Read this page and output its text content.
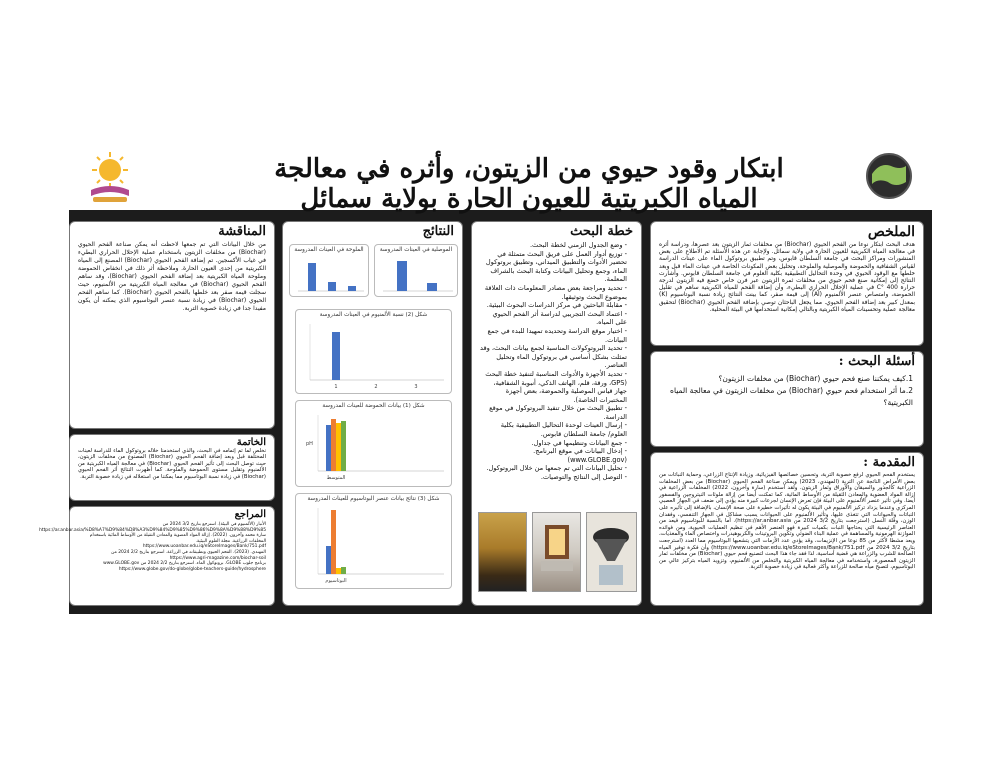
ابتكار وقود حيوي من الزيتون، وأثره في معالجة المياه الكبريتية للعيون الحارة بولاية سمائل
الملخص
هدف البحث ابتكار نوعا من الفحم الحيوي (Biochar) من مخلفات ثمار الزيتون بعد عصرها، ودراسة أثره في معالجة المياه الكبريتية للعيون الحارة في ولاية سمائل. ولإجابة عن هذه الأسئلة تم الاطلاع على بعض المنشورات ومراكز البحث في جامعة السلطان قابوس، وتم تطبيق بروتوكول الماء على عينات الدراسة لقياس الشفافية والحموضة والموصلية والملوحة، وتحليل بعض المكونات الخاصة في عينات الماء قبل وبعد خلطها مع الوقود الحيوي في وحدة التحاليل التطبيقية بكلية العلوم في جامعة السلطان قابوس. وأشارت النتائج إلى إمكانية صنع فحم حيوي من مخلفات ثمرة الزيتون عبر فرن خاص خضع فيه الزيتون لدرجة حرارة 400 °C في عملية الإحلال الحراري البطيء، وأن إضافة الفحم للمياه الكبريتية ساهم في تقليل الحموضة، وامتصاص عنصر الألمنيوم (Al) إلى قيمة صفر، كما بينت النتائج زيادة نسبة البوتاسيوم (K) بمعدل كبير بعد إضافة الفحم الحيوي. مما يجعل الباحثان توصي بإضافة الفحم الحيوي (Biochar) لتحقيق معالجة عملية وتحسينات المياه الكبريتية وبالتالي إمكانية استخدامها في البيئة المحلية.
أسئلة البحث :
1.كيف يمكننا صنع فحم حيوي (Biochar) من مخلفات الزيتون؟
2.ما أثر استخدام فحم حيوي (Biochar) من مخلفات الزيتون في معالجة المياه الكبريتية؟
المقدمة :
يستخدم الفحم الحيوي لرفع خصوبة التربة، وتحسين خصائصها الفيزيائية، وزيادة الإنتاج الزراعي، وحماية النباتات من بعض الأمراض الناتجة عن التربة (المهندي، 2023) ويمكن صناعة الفحم الحيوي (Biochar) من بعض المخلفات الزراعية كالجذور والسيقان والأوراق وثمار الزيتون. ولقد استخدم (سارة وآخرون، 2022) المخلفات الزراعية في إزالة المواد العضوية والمعادن الثقيلة من الأوساط المائية، كما تمكنت أيضا من إزالة ملوثات النيتروجين والفسفور أيضا. وفي تأثير عنصر الألمنيوم على البيئة فإن تعرض الإنسان لجرعات كبيرة منه يؤدي إلى ضعف في الجهاز العصبي المركزي وعندما يزداد تركيز الألمنيوم في البيئة يكون له تأثيرات خطيرة على صحة الإنسان، بالإضافة إلى تأثيره على النباتات والحيوانات التي تتغذى عليها، وتأثير الألمنيوم على الحيوانات يسبب مشاكل في الجهاز التنفسي، وفقدان الوزن، وقلة النسل (استرجعت بتاريخ 3/2 2024 من https://ar.anbar.asia). أما بالنسبة للبوتاسيوم فيعد من العناصر الرئيسية التي يحتاجها النبات بكميات كبيرة فهو العنصر الأهم في تنظيم العمليات الحيوية، ومن فوائده الموازنة الهرمونية والمساهمة في عملية البناء الضوئي وتكوين البروتينات والكربوهيدرات واختصاص الماء والمغذيات، ويعد مشطا لأكثر من 85 نوعا من الإنزيمات، وقد يؤدي عدد الأزمات التي يتشعبها البوتاسيوم مما العدد (استرجعت بتاريخ 3/2 2024 من https://www.uoanbar.edu.iq/eStoreImages/Bank/751.pdf) وأن فكرة توفير المياه الصالحة للشرب والزراعة هي قضية أساسية، لذا فقد جاء هذا البحث لتصنيع فحم حيوي (Biochar) من مخلفات ثمار الزيتون المعصورة، واستخدامه في معالجة المياه الكبريتية والتخلص من الألمنيوم، وتزويد المياه بتركيز عالي من البوتاسيوم، لتصبح مياه صالحة للزراعة وأكثر فعالية في زيادة خصوبة التربة.
خطة البحث
- وضع الجدول الزمني لخطة البحث.
- توزيع أدوار العمل على فريق البحث متمثلة في تحضير الأدوات والتطبيق الميداني، وتطبيق بروتوكول الماء، وجمع وتحليل البيانات وكتابة البحث بالشراف المعلمة.
- تحديد ومراجعة بعض مصادر المعلومات ذات العلاقة بموضوع البحث وتوثيقها.
- مقابلة الباحثين في مركز الدراسات البحوث البيئية.
- اعتماد البحث التجريبي لدراسة أثر الفحم الحيوي على المياه.
- اختيار موقع الدراسة وتحديده تمهيدا للبدء في جمع البيانات.
- تحديد البروتوكولات المناسبة لجمع بيانات البحث، وقد تمثلت بشكل أساسي في بروتوكول الماء وتحليل العناصر.
- تحديد الأجهزة والأدوات المناسبة لتنفيذ خطة البحث (GPS، ورقة، قلم، الهاتف الذكي، أنبوبة الشفافية، جهاز قياس الموصلية والحموضة، بعض أجهزة المختبرات الخاصة).
- تطبيق البحث من خلال تنفيذ البروتوكول في موقع الدراسة.
- إرسال العينات لوحدة التحاليل التطبيقية بكلية العلوم/ جامعة السلطان قابوس.
- جمع البيانات وتنظيمها في جداول.
- إدخال البيانات في موقع البرنامج. (www.GLOBE.gov)
- تحليل البيانات التي تم جمعها من خلال البروتوكول.
- التوصل إلى النتائج والتوصيات.
النتائج
الموصلية في العينات المدروسة
الملوحة في العينات المدروسة
شكل (2) نسبة الألمنيوم في العينات المدروسة
1	2	3
شكل (1) بيانات الحموضة للعينات المدروسة
pH
المتوسط
شكل (3) نتائج بيانات عنصر البوتاسيوم للعينات المدروسة
البوتاسيوم
المناقشة
من خلال البيانات التي تم جمعها لاحظت أنه يمكن صناعة الفحم الحيوي (Biochar) من مخلفات الزيتون باستخدام عملية الإحلال الحراري البطيء في غياب الأكسجين. تم إضافة الفحم الحيوي (Biochar) المصنع إلى المياه الكبريتية من إحدى العيون الحارة. وملاحظة أثر ذلك في انخفاض الحموضة وملوحة المياه الكبريتية بعد إضافة الفحم الحيوي (Biochar)، وقد ساهم الفحم الحيوي (Biochar) في معالجة المياه الكبريتية من الألمنيوم، حيث سجلت قيمة صفر بعد خلطها بالفحم الحيوي (Biochar). كما ساهم الفحم الحيوي (Biochar) في زيادة نسبة عنصر البوتاسيوم الذي يمكنه أن يكون مفيدا جدا في زيادة خصوبة التربة.
الخاتمة
نخلص لما تم إتمامه في البحث، والذي استخدمنا خلاله بروتوكول الماء للدراسة لعينات المختلفة قبل وبعد إضافة الفحم الحيوي (Biochar) المصنوع من مخلفات الزيتون، حيث توصل البحث إلى تأثير الفحم الحيوي (Biochar) في معالجة المياه الكبريتية من الألمنيوم وتقليل مستوى الحموضة والملوحة. كما أظهرت النتائج أثر الفحم الحيوي (Biochar) في زيادة نسبة البوتاسيوم مما يمكننا من استغلاله في زيادة خصوبة التربة.
المراجع
الأنبار (الألمنيوم في البيئة). استرجع بتاريخ 3/2 2024 من
https://ar.anbar.asia/%D8%A7%D9%84%D8%A3%D9%84%D9%85%D9%86%D9%8A%D9%88%D9%85
سارة محمد وآخرون. (2022). إزالة المواد العضوية والمعادن الثقيلة من الأوساط المائية باستخدام المخلفات الزراعية. مجلة العلوم البيئية.
https://www.uoanbar.edu.iq/eStoreImages/Bank/751.pdf
المهندي. (2023). الفحم الحيوي وتطبيقاته في الزراعة. استرجع بتاريخ 2/2 2024 من
https://www.agri-magazine.com/biochar-soil
برنامج جلوب GLOBE. بروتوكول الماء. استرجع بتاريخ 2/2 2024 من www.GLOBE.gov
https://www.globe.gov/do-globe/globe-teachers-guide/hydrosphere
